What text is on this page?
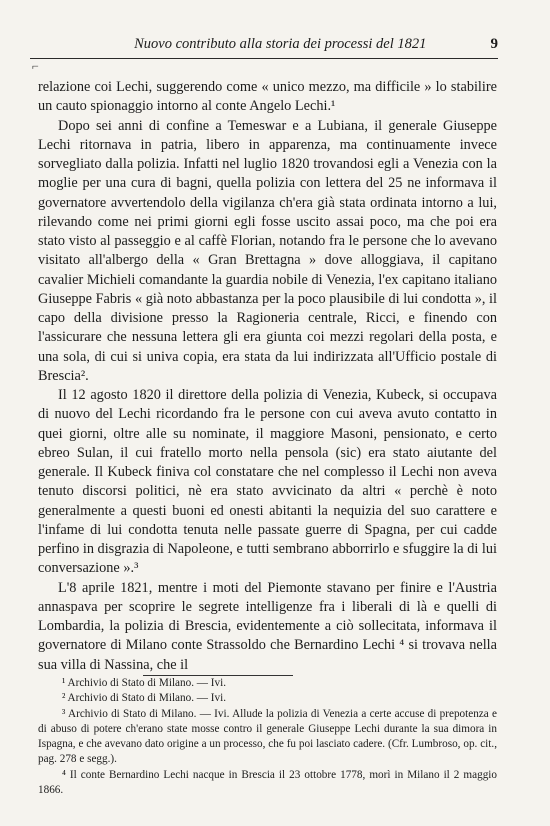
Nuovo contributo alla storia dei processi del 1821	9
⌐

relazione coi Lechi, suggerendo come « unico mezzo, ma difficile » lo stabilire un cauto spionaggio intorno al conte Angelo Lechi.¹

Dopo sei anni di confine a Temeswar e a Lubiana, il generale Giuseppe Lechi ritornava in patria, libero in apparenza, ma continuamente invece sorvegliato dalla polizia. Infatti nel luglio 1820 trovandosi egli a Venezia con la moglie per una cura di bagni, quella polizia con lettera del 25 ne informava il governatore avvertendolo della vigilanza ch'era già stata ordinata intorno a lui, rilevando come nei primi giorni egli fosse uscito assai poco, ma che poi era stato visto al passeggio e al caffè Florian, notando fra le persone che lo avevano visitato all'albergo della « Gran Brettagna » dove alloggiava, il capitano cavalier Michieli comandante la guardia nobile di Venezia, l'ex capitano italiano Giuseppe Fabris « già noto abbastanza per la poco plausibile di lui condotta », il capo della divisione presso la Ragioneria centrale, Ricci, e finendo con l'assicurare che nessuna lettera gli era giunta coi mezzi regolari della posta, e una sola, di cui si univa copia, era stata da lui indirizzata all'Ufficio postale di Brescia².

Il 12 agosto 1820 il direttore della polizia di Venezia, Kubeck, si occupava di nuovo del Lechi ricordando fra le persone con cui aveva avuto contatto in quei giorni, oltre alle su nominate, il maggiore Masoni, pensionato, e certo ebreo Sulan, il cui fratello morto nella pensola (sic) era stato aiutante del generale. Il Kubeck finiva col constatare che nel complesso il Lechi non aveva tenuto discorsi politici, nè era stato avvicinato da altri « perchè è noto generalmente a questi buoni ed onesti abitanti la nequizia del suo carattere e l'infame di lui condotta tenuta nelle passate guerre di Spagna, per cui cadde perfino in disgrazia di Napoleone, e tutti sembrano abborrirlo e sfuggire la di lui conversazione ».³

L'8 aprile 1821, mentre i moti del Piemonte stavano per finire e l'Austria annaspava per scoprire le segrete intelligenze fra i liberali di là e quelli di Lombardia, la polizia di Brescia, evidentemente a ciò sollecitata, informava il governatore di Milano conte Strassoldo che Bernardino Lechi ⁴ si trovava nella sua villa di Nassina, che il

¹ Archivio di Stato di Milano. — Ivi.

² Archivio di Stato di Milano. — Ivi.

³ Archivio di Stato di Milano. — Ivi. Allude la polizia di Venezia a certe accuse di prepotenza e di abuso di potere ch'erano state mosse contro il generale Giuseppe Lechi durante la sua dimora in Ispagna, e che avevano dato origine a un processo, che fu poi lasciato cadere. (Cfr. Lumbroso, op. cit., pag. 278 e segg.).

⁴ Il conte Bernardino Lechi nacque in Brescia il 23 ottobre 1778, morì in Milano il 2 maggio 1866.
